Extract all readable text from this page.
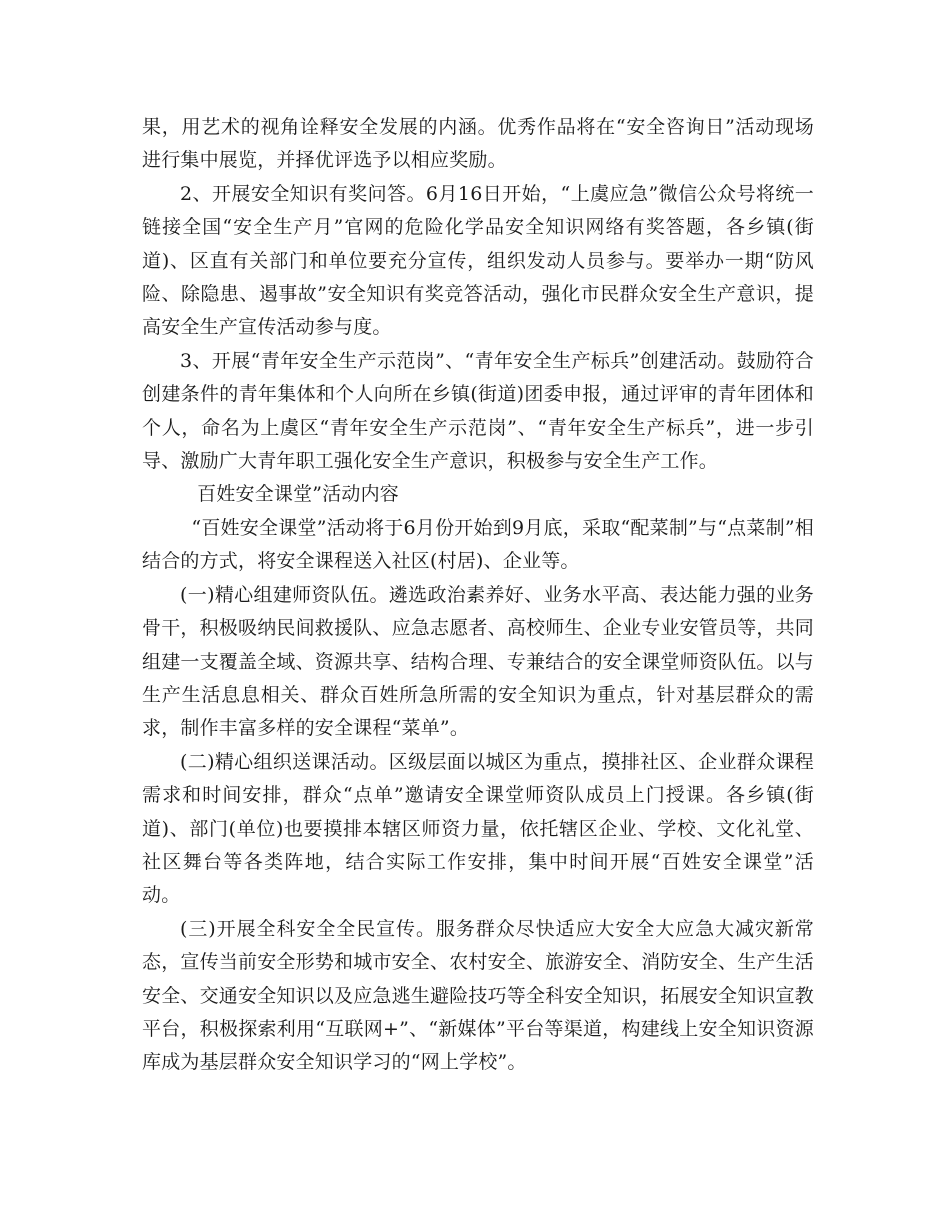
果，用艺术的视角诠释安全发展的内涵。优秀作品将在“安全咨询日”活动现场进行集中展览，并择优评选予以相应奖励。

2、开展安全知识有奖问答。6月16日开始，“上虞应急”微信公众号将统一链接全国“安全生产月”官网的危险化学品安全知识网络有奖答题，各乡镇(街道)、区直有关部门和单位要充分宣传，组织发动人员参与。要举办一期“防风险、除隐患、遏事故”安全知识有奖竞答活动，强化市民群众安全生产意识，提高安全生产宣传活动参与度。

3、开展“青年安全生产示范岗”、“青年安全生产标兵”创建活动。鼓励符合创建条件的青年集体和个人向所在乡镇(街道)团委申报，通过评审的青年团体和个人，命名为上虞区“青年安全生产示范岗”、“青年安全生产标兵”，进一步引导、激励广大青年职工强化安全生产意识，积极参与安全生产工作。

百姓安全课堂”活动内容

“百姓安全课堂”活动将于6月份开始到9月底，采取“配菜制”与“点菜制”相结合的方式，将安全课程送入社区(村居)、企业等。

(一)精心组建师资队伍。遴选政治素养好、业务水平高、表达能力强的业务骨干，积极吸纳民间救援队、应急志愿者、高校师生、企业专业安管员等，共同组建一支覆盖全域、资源共享、结构合理、专兼结合的安全课堂师资队伍。以与生产生活息息相关、群众百姓所急所需的安全知识为重点，针对基层群众的需求，制作丰富多样的安全课程“菜单”。

(二)精心组织送课活动。区级层面以城区为重点，摸排社区、企业群众课程需求和时间安排，群众“点单”邀请安全课堂师资队成员上门授课。各乡镇(街道)、部门(单位)也要摸排本辖区师资力量，依托辖区企业、学校、文化礼堂、社区舞台等各类阵地，结合实际工作安排，集中时间开展“百姓安全课堂”活动。

(三)开展全科安全全民宣传。服务群众尽快适应大安全大应急大减灾新常态，宣传当前安全形势和城市安全、农村安全、旅游安全、消防安全、生产生活安全、交通安全知识以及应急逃生避险技巧等全科安全知识，拓展安全知识宣教平台，积极探索利用“互联网+”、“新媒体”平台等渠道，构建线上安全知识资源库成为基层群众安全知识学习的“网上学校”。
